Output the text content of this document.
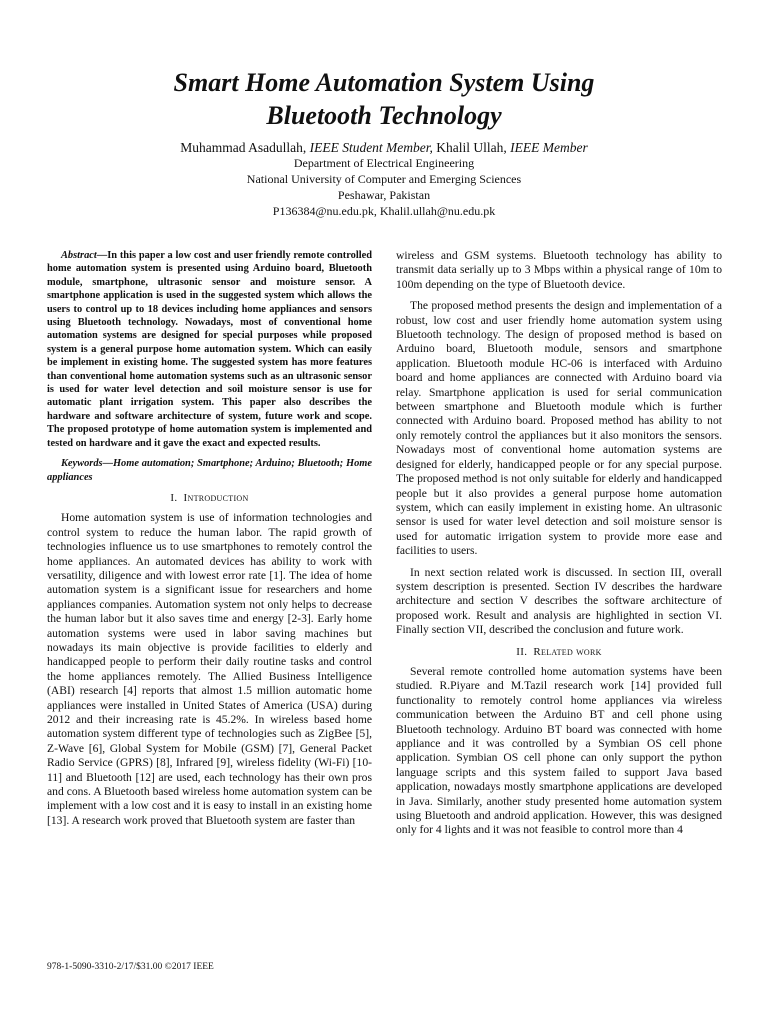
Smart Home Automation System Using
Bluetooth Technology
Muhammad Asadullah, IEEE Student Member, Khalil Ullah, IEEE Member
Department of Electrical Engineering
National University of Computer and Emerging Sciences
Peshawar, Pakistan
P136384@nu.edu.pk, Khalil.ullah@nu.edu.pk

Abstract—In this paper a low cost and user friendly remote controlled home automation system is presented using Arduino board, Bluetooth module, smartphone, ultrasonic sensor and moisture sensor. A smartphone application is used in the suggested system which allows the users to control up to 18 devices including home appliances and sensors using Bluetooth technology. Nowadays, most of conventional home automation systems are designed for special purposes while proposed system is a general purpose home automation system. Which can easily be implement in existing home. The suggested system has more features than conventional home automation systems such as an ultrasonic sensor is used for water level detection and soil moisture sensor is use for automatic plant irrigation system. This paper also describes the hardware and software architecture of system, future work and scope. The proposed prototype of home automation system is implemented and tested on hardware and it gave the exact and expected results.

Keywords—Home automation; Smartphone; Arduino; Bluetooth; Home appliances

I. Introduction

Home automation system is use of information technologies and control system to reduce the human labor. The rapid growth of technologies influence us to use smartphones to remotely control the home appliances. An automated devices has ability to work with versatility, diligence and with lowest error rate [1]. The idea of home automation system is a significant issue for researchers and home appliances companies. Automation system not only helps to decrease the human labor but it also saves time and energy [2-3]. Early home automation systems were used in labor saving machines but nowadays its main objective is provide facilities to elderly and handicapped people to perform their daily routine tasks and control the home appliances remotely. The Allied Business Intelligence (ABI) research [4] reports that almost 1.5 million automatic home appliances were installed in United States of America (USA) during 2012 and their increasing rate is 45.2%. In wireless based home automation system different type of technologies such as ZigBee [5], Z-Wave [6], Global System for Mobile (GSM) [7], General Packet Radio Service (GPRS) [8], Infrared [9], wireless fidelity (Wi-Fi) [10-11] and Bluetooth [12] are used, each technology has their own pros and cons. A Bluetooth based wireless home automation system can be implement with a low cost and it is easy to install in an existing home [13]. A research work proved that Bluetooth system are faster than

wireless and GSM systems. Bluetooth technology has ability to transmit data serially up to 3 Mbps within a physical range of 10m to 100m depending on the type of Bluetooth device.

The proposed method presents the design and implementation of a robust, low cost and user friendly home automation system using Bluetooth technology. The design of proposed method is based on Arduino board, Bluetooth module, sensors and smartphone application. Bluetooth module HC-06 is interfaced with Arduino board and home appliances are connected with Arduino board via relay. Smartphone application is used for serial communication between smartphone and Bluetooth module which is further connected with Arduino board. Proposed method has ability to not only remotely control the appliances but it also monitors the sensors. Nowadays most of conventional home automation systems are designed for elderly, handicapped people or for any special purpose. The proposed method is not only suitable for elderly and handicapped people but it also provides a general purpose home automation system, which can easily implement in existing home. An ultrasonic sensor is used for water level detection and soil moisture sensor is used for automatic irrigation system to provide more ease and facilities to users.

In next section related work is discussed. In section III, overall system description is presented. Section IV describes the hardware architecture and section V describes the software architecture of proposed work. Result and analysis are highlighted in section VI. Finally section VII, described the conclusion and future work.

II. Related work

Several remote controlled home automation systems have been studied. R.Piyare and M.Tazil research work [14] provided full functionality to remotely control home appliances via wireless communication between the Arduino BT and cell phone using Bluetooth technology. Arduino BT board was connected with home appliance and it was controlled by a Symbian OS cell phone application. Symbian OS cell phone can only support the python language scripts and this system failed to support Java based application, nowadays mostly smartphone applications are developed in Java. Similarly, another study presented home automation system using Bluetooth and android application. However, this was designed only for 4 lights and it was not feasible to control more than 4

978-1-5090-3310-2/17/$31.00 ©2017 IEEE
